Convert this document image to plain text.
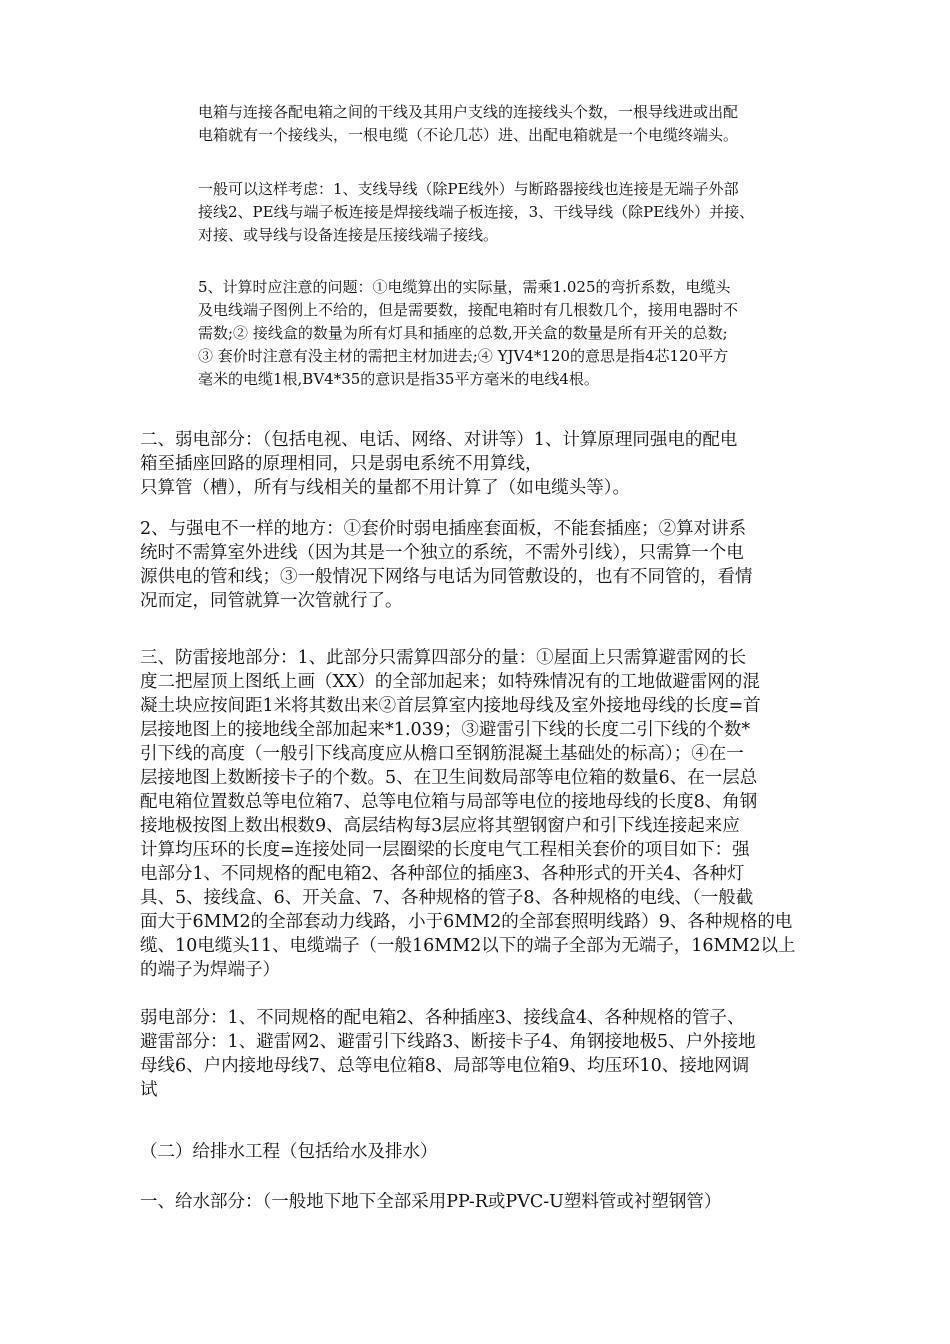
电箱与连接各配电箱之间的干线及其用户支线的连接线头个数，一根导线进或出配
电箱就有一个接线头，一根电缆（不论几芯）进、出配电箱就是一个电缆终端头。

一般可以这样考虑：1、支线导线（除PE线外）与断路器接线也连接是无端子外部
接线2、PE线与端子板连接是焊接线端子板连接，3、干线导线（除PE线外）并接、
对接、或导线与设备连接是压接线端子接线。

5、计算时应注意的问题：①电缆算出的实际量，需乘1.025的弯折系数，电缆头
及电线端子图例上不给的，但是需要数，接配电箱时有几根数几个，接用电器时不
需数;② 接线盒的数量为所有灯具和插座的总数,开关盒的数量是所有开关的总数;
③ 套价时注意有没主材的需把主材加进去;④ YJV4*120的意思是指4芯120平方
毫米的电缆1根,BV4*35的意识是指35平方毫米的电线4根。

二、弱电部分：（包括电视、电话、网络、对讲等）1、计算原理同强电的配电
箱至插座回路的原理相同，只是弱电系统不用算线，
只算管（槽），所有与线相关的量都不用计算了（如电缆头等）。

2、与强电不一样的地方：①套价时弱电插座套面板，不能套插座；②算对讲系
统时不需算室外进线（因为其是一个独立的系统，不需外引线），只需算一个电
源供电的管和线；③一般情况下网络与电话为同管敷设的，也有不同管的，看情
况而定，同管就算一次管就行了。

三、防雷接地部分：1、此部分只需算四部分的量：①屋面上只需算避雷网的长
度二把屋顶上图纸上画（XX）的全部加起来；如特殊情况有的工地做避雷网的混
凝土块应按间距1米将其数出来②首层算室内接地母线及室外接地母线的长度=首
层接地图上的接地线全部加起来*1.039；③避雷引下线的长度二引下线的个数*
引下线的高度（一般引下线高度应从檐口至钢筋混凝土基础处的标高）；④在一
层接地图上数断接卡子的个数。5、在卫生间数局部等电位箱的数量6、在一层总
配电箱位置数总等电位箱7、总等电位箱与局部等电位的接地母线的长度8、角钢
接地极按图上数出根数9、高层结构每3层应将其塑钢窗户和引下线连接起来应
计算均压环的长度=连接处同一层圈梁的长度电气工程相关套价的项目如下：强
电部分1、不同规格的配电箱2、各种部位的插座3、各种形式的开关4、各种灯
具、5、接线盒、6、开关盒、7、各种规格的管子8、各种规格的电线、（一般截
面大于6MM2的全部套动力线路，小于6MM2的全部套照明线路）9、各种规格的电
缆、10电缆头11、电缆端子（一般16MM2以下的端子全部为无端子，16MM2以上
的端子为焊端子）

弱电部分：1、不同规格的配电箱2、各种插座3、接线盒4、各种规格的管子、
避雷部分：1、避雷网2、避雷引下线路3、断接卡子4、角钢接地极5、户外接地
母线6、户内接地母线7、总等电位箱8、局部等电位箱9、均压环10、接地网调
试

（二）给排水工程（包括给水及排水）

一、给水部分：（一般地下地下全部采用PP-R或PVC-U塑料管或衬塑钢管）
